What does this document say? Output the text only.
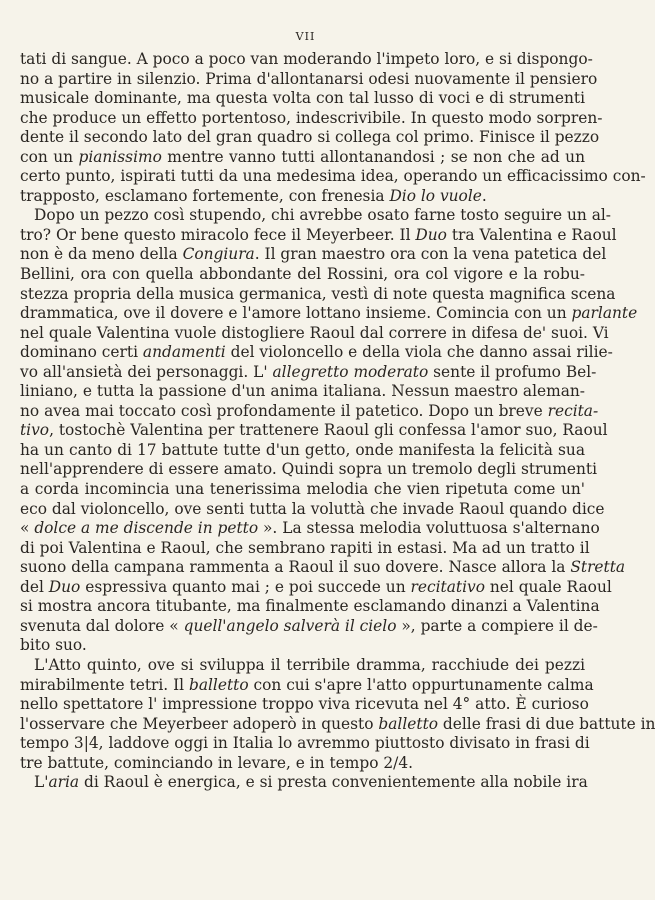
VII
tati di sangue. A poco a poco van moderando l'impeto loro, e si dispongo-
no a partire in silenzio. Prima d'allontanarsi odesi nuovamente il pensiero
musicale dominante, ma questa volta con tal lusso di voci e di strumenti
che produce un effetto portentoso, indescrivibile. In questo modo sorpren-
dente il secondo lato del gran quadro si collega col primo. Finisce il pezzo
con un pianissimo mentre vanno tutti allontanandosi ; se non che ad un
certo punto, ispirati tutti da una medesima idea, operando un efficacissimo con-
trapposto, esclamano fortemente, con frenesia Dio lo vuole.
Dopo un pezzo così stupendo, chi avrebbe osato farne tosto seguire un al-
tro? Or bene questo miracolo fece il Meyerbeer. Il Duo tra Valentina e Raoul
non è da meno della Congiura. Il gran maestro ora con la vena patetica del
Bellini, ora con quella abbondante del Rossini, ora col vigore e la robu-
stezza propria della musica germanica, vestì di note questa magnifica scena
drammatica, ove il dovere e l'amore lottano insieme. Comincia con un parlante
nel quale Valentina vuole distogliere Raoul dal correre in difesa de' suoi. Vi
dominano certi andamenti del violoncello e della viola che danno assai rilie-
vo all'ansietà dei personaggi. L' allegretto moderato sente il profumo Bel-
liniano, e tutta la passione d'un anima italiana. Nessun maestro aleman-
no avea mai toccato così profondamente il patetico. Dopo un breve recita-
tivo, tostochè Valentina per trattenere Raoul gli confessa l'amor suo, Raoul
ha un canto di 17 battute tutte d'un getto, onde manifesta la felicità sua
nell'apprendere di essere amato. Quindi sopra un tremolo degli strumenti
a corda incomincia una tenerissima melodia che vien ripetuta come un'
eco dal violoncello, ove senti tutta la voluttà che invade Raoul quando dice
« dolce a me discende in petto ». La stessa melodia voluttuosa s'alternano
di poi Valentina e Raoul, che sembrano rapiti in estasi. Ma ad un tratto il
suono della campana rammenta a Raoul il suo dovere. Nasce allora la Stretta
del Duo espressiva quanto mai ; e poi succede un recitativo nel quale Raoul
si mostra ancora titubante, ma finalmente esclamando dinanzi a Valentina
svenuta dal dolore « quell'angelo salverà il cielo », parte a compiere il de-
bito suo.
L'Atto quinto, ove si sviluppa il terribile dramma, racchiude dei pezzi
mirabilmente tetri. Il balletto con cui s'apre l'atto oppurtunamente calma
nello spettatore l' impressione troppo viva ricevuta nel 4° atto. È curioso
l'osservare che Meyerbeer adoperò in questo balletto delle frasi di due battute in
tempo 3|4, laddove oggi in Italia lo avremmo piuttosto divisato in frasi di
tre battute, cominciando in levare, e in tempo 2/4.
L'aria di Raoul è energica, e si presta convenientemente alla nobile ira
